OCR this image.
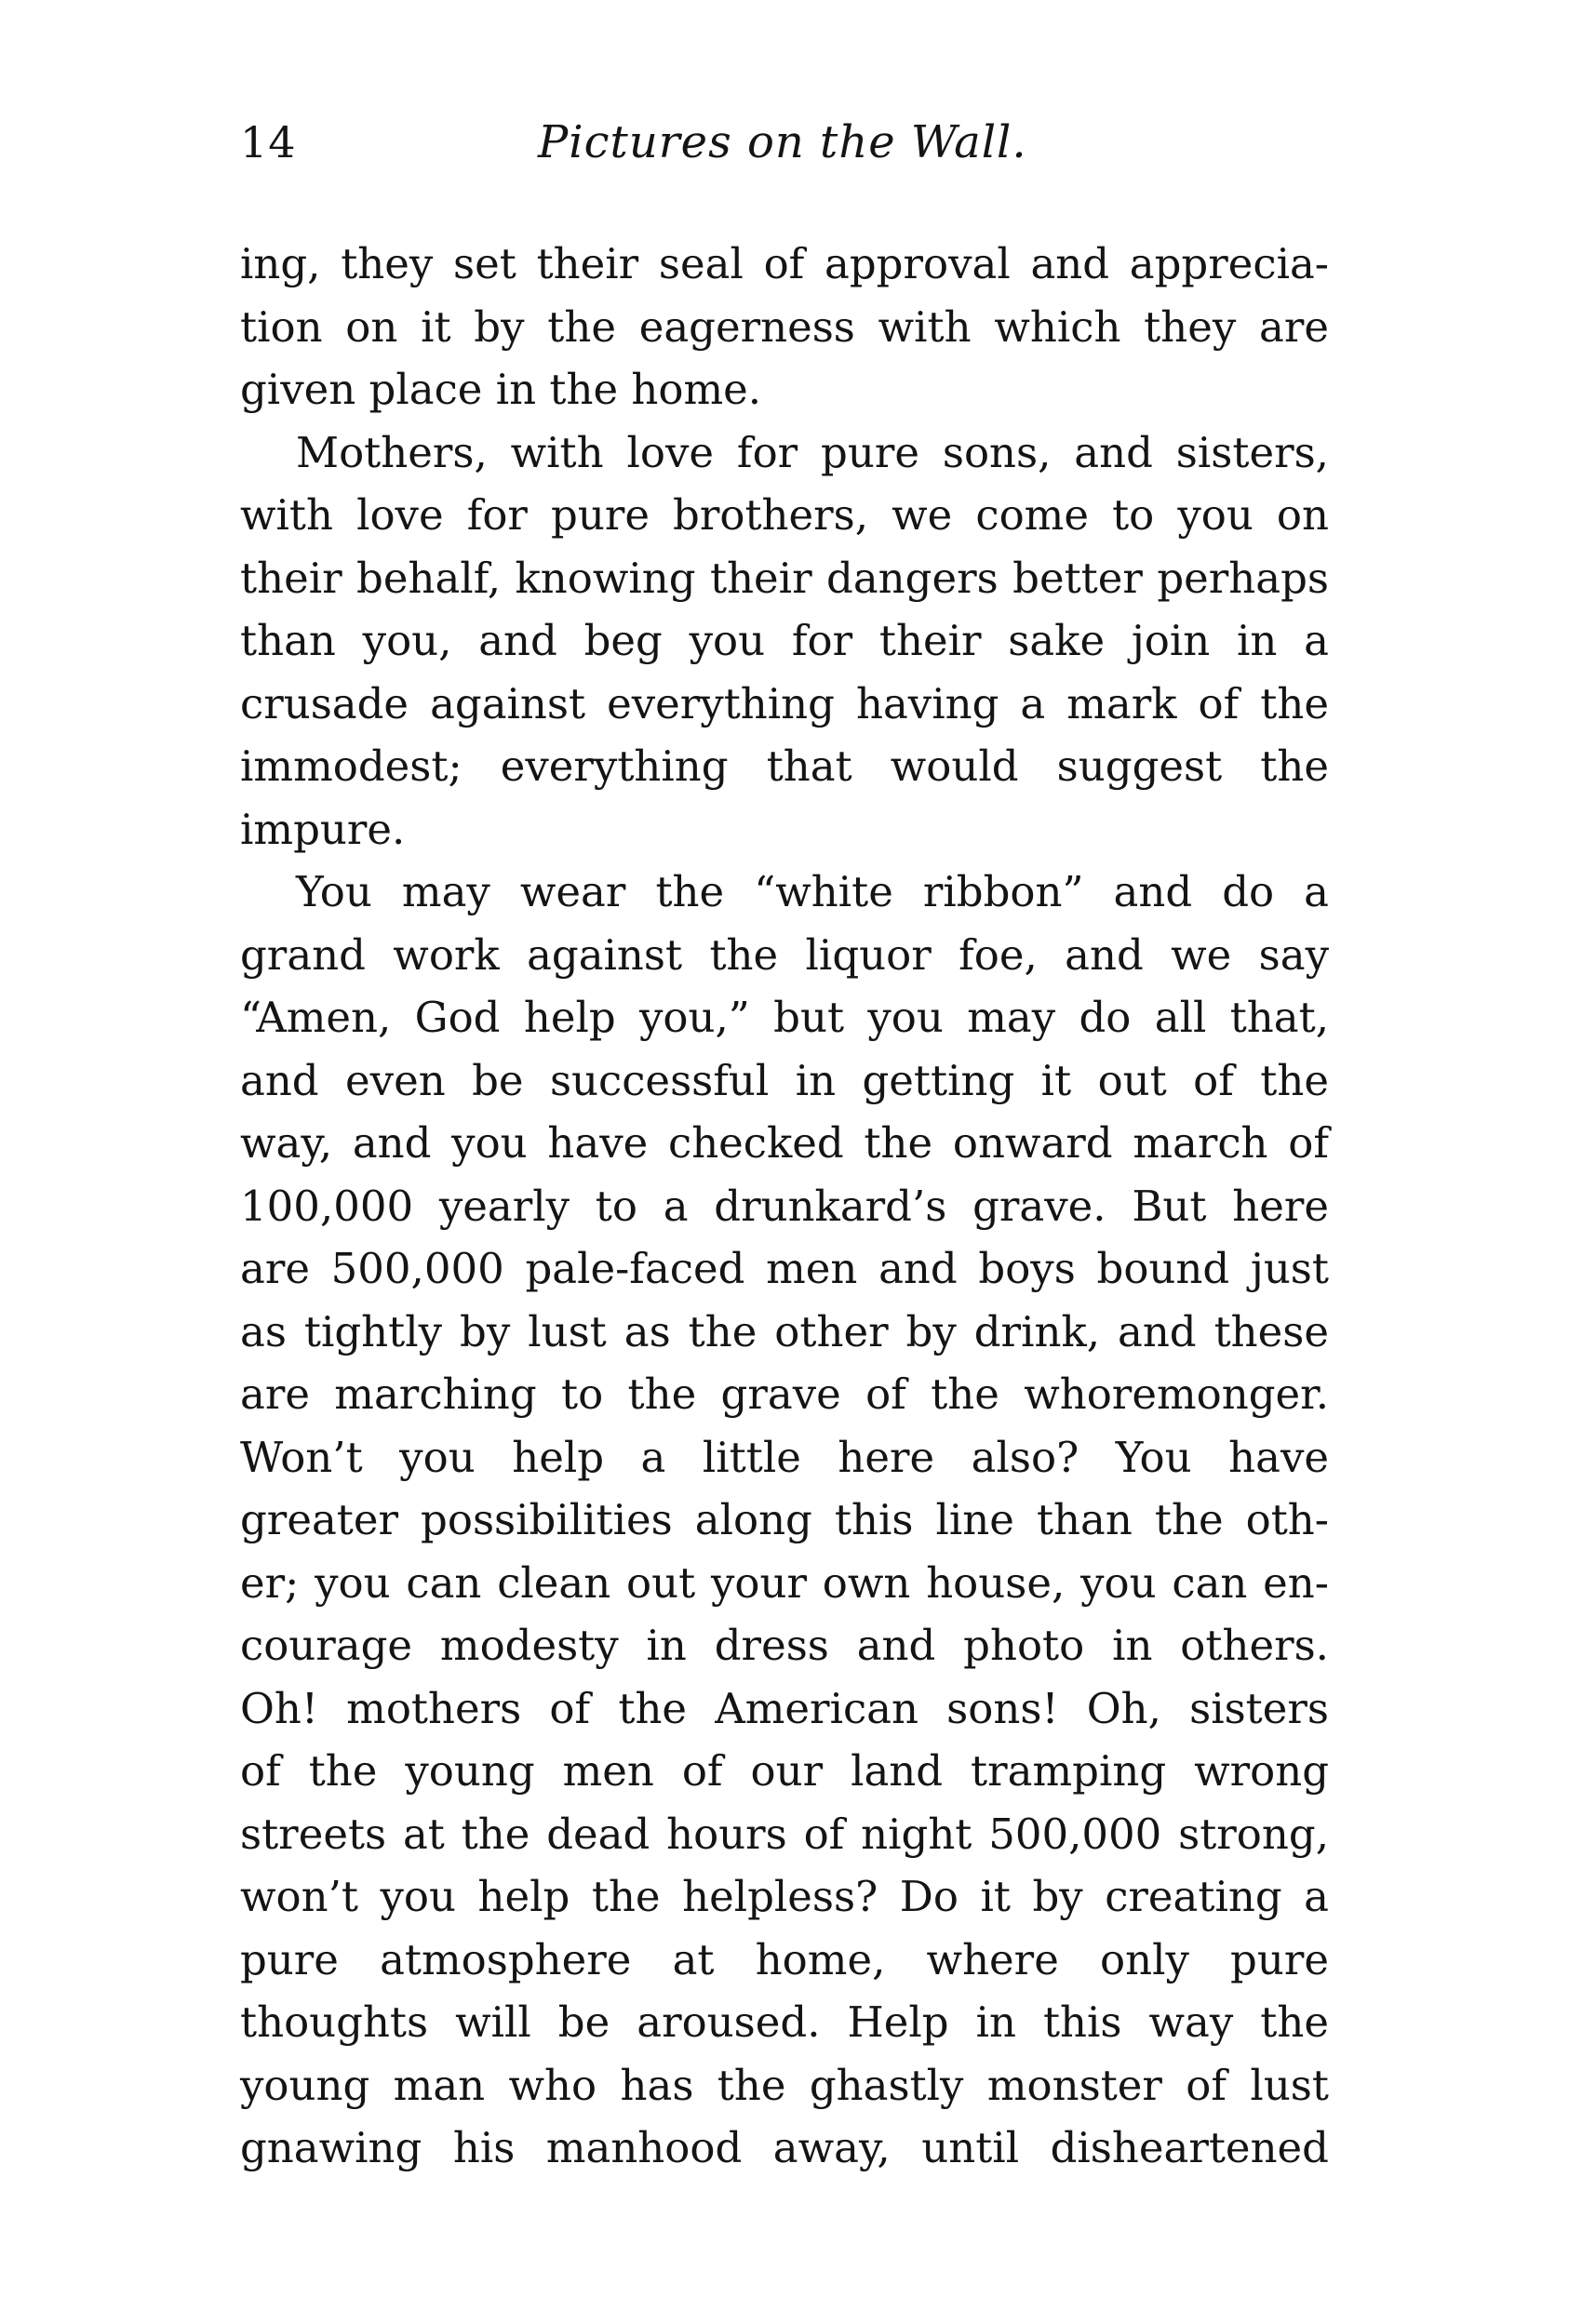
14	Pictures on the Wall.
ing, they set their seal of approval and apprecia-
tion on it by the eagerness with which they are
given place in the home.
Mothers, with love for pure sons, and sisters,
with love for pure brothers, we come to you on
their behalf, knowing their dangers better perhaps
than you, and beg you for their sake join in a
crusade against everything having a mark of the
immodest; everything that would suggest the
impure.
You may wear the “white ribbon” and do a
grand work against the liquor foe, and we say
“Amen, God help you,” but you may do all that,
and even be successful in getting it out of the
way, and you have checked the onward march of
100,000 yearly to a drunkard’s grave. But here
are 500,000 pale-faced men and boys bound just
as tightly by lust as the other by drink, and these
are marching to the grave of the whoremonger.
Won’t you help a little here also? You have
greater possibilities along this line than the oth-
er; you can clean out your own house, you can en-
courage modesty in dress and photo in others.
Oh! mothers of the American sons! Oh, sisters
of the young men of our land tramping wrong
streets at the dead hours of night 500,000 strong,
won’t you help the helpless? Do it by creating a
pure atmosphere at home, where only pure
thoughts will be aroused. Help in this way the
young man who has the ghastly monster of lust
gnawing his manhood away, until disheartened
